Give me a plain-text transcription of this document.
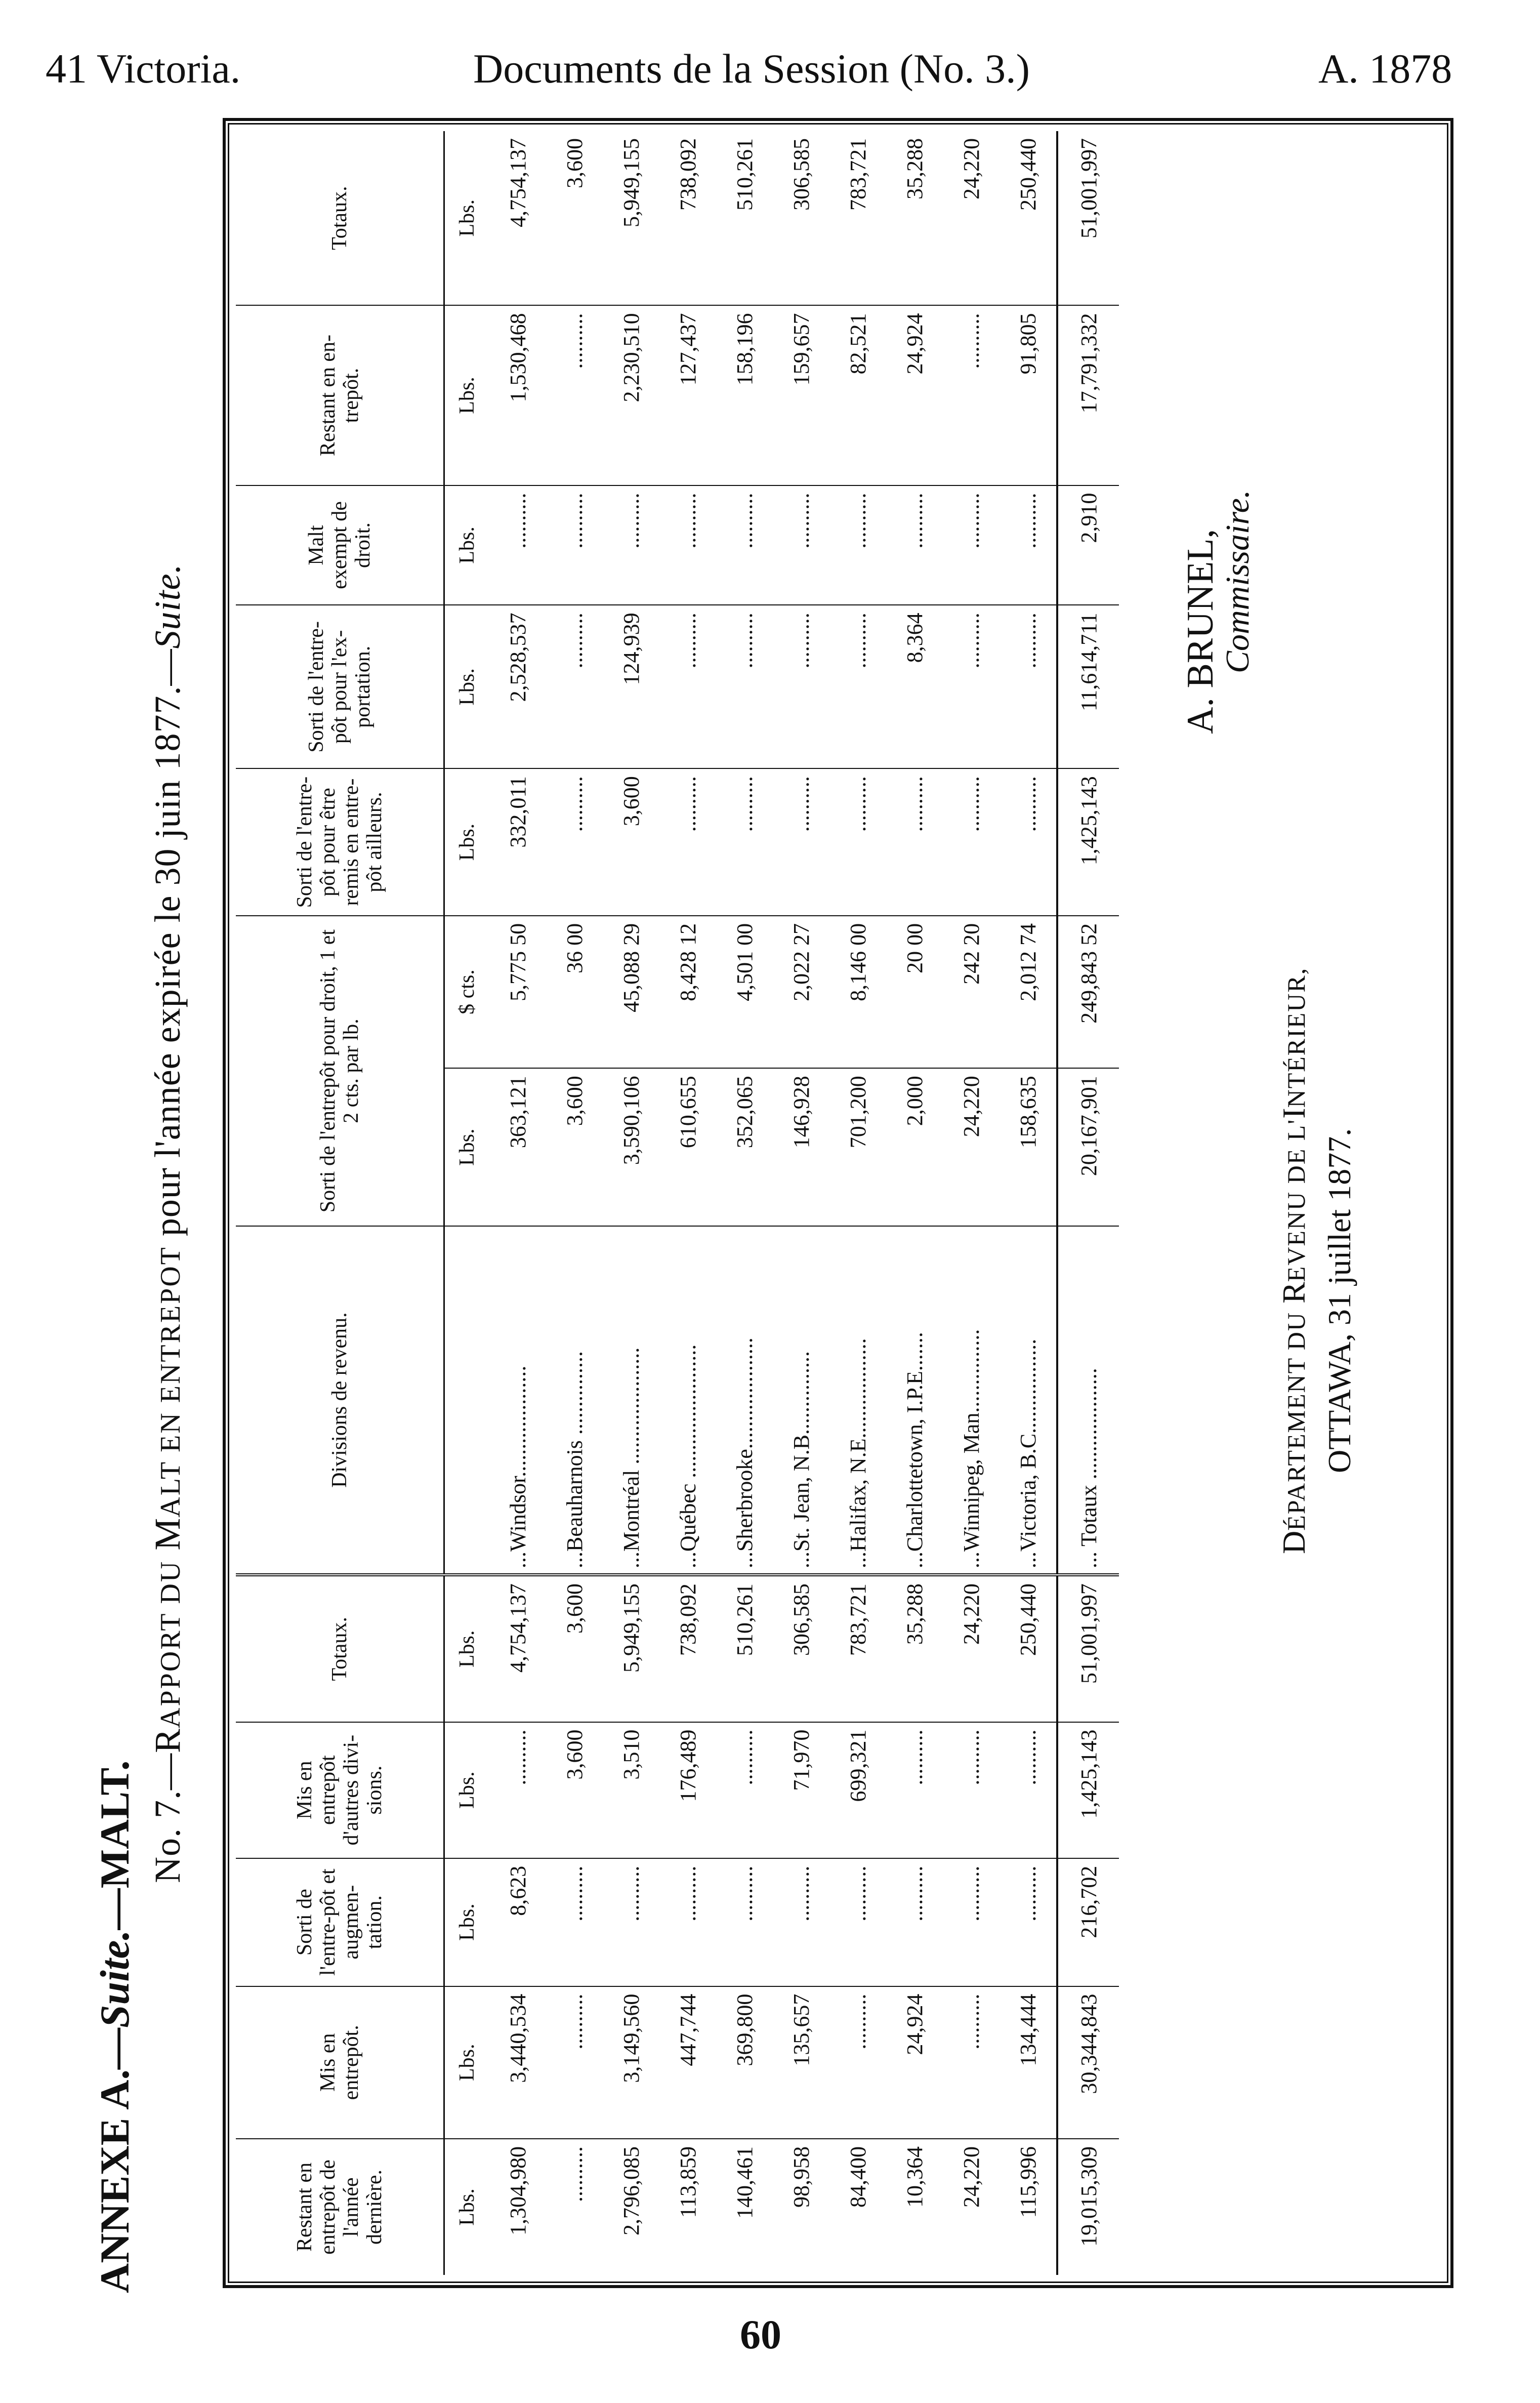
41 Victoria.	Documents de la Session (No. 3.)	A. 1878
ANNEXE A.—Suite.—MALT. No. 7.—RAPPORT DU MALT EN ENTREPOT pour l'année expirée le 30 juin 1877.—Suite.
Restant en entrepôt de l'année dernière.	Mis en entrepôt.	Sorti de l'entre-pôt et augmen-tation.	Mis en entrepôt d'autres divi-sions.	Totaux.	Divisions de revenu.	Sorti de l'entrepôt pour droit, 1 et 2 cts. par lb.		Sorti de l'entre-pôt pour être remis en entre-pôt ailleurs.	Sorti de l'entre-pôt pour l'ex-portation.	Malt exempt de droit.	Restant en en-trepôt.	Totaux.
Lbs.	Lbs.	Lbs.	Lbs.	Lbs.		Lbs.	$ cts.	Lbs.	Lbs.	Lbs.	Lbs.	Lbs.
1,304,980	3,440,534	8,623	..........	4,754,137	...Windsor....................	363,121	5,775 50	332,011	2,528,537	..........	1,530,468	4,754,137
..........	..........	..........	3,600	3,600	...Beauharnois ...............	3,600	36 00	..........	..........	..........	..........	3,600
2,796,085	3,149,560	..........	3,510	5,949,155	...Montréal .....................	3,590,106	45,088 29	3,600	124,939	..........	2,230,510	5,949,155
113,859	447,744	..........	176,489	738,092	...Québec ........................	610,655	8,428 12	..........	..........	..........	127,437	738,092
140,461	369,800	..........	..........	510,261	...Sherbrooke....................	352,065	4,501 00	..........	..........	..........	158,196	510,261
98,958	135,657	..........	71,970	306,585	...St. Jean, N.B...............	146,928	2,022 27	..........	..........	..........	159,657	306,585
84,400	..........	..........	699,321	783,721	...Halifax, N.E..................	701,200	8,146 00	..........	..........	..........	82,521	783,721
10,364	24,924	..........	..........	35,288	...Charlottetown, I.P.E.......	2,000	20 00	..........	8,364	..........	24,924	35,288
24,220	..........	..........	..........	24,220	...Winnipeg, Man...............	24,220	242 20	..........	..........	..........	..........	24,220
115,996	134,444	..........	..........	250,440	...Victoria, B.C.................	158,635	2,012 74	..........	..........	..........	91,805	250,440
19,015,309	30,344,843	216,702	1,425,143	51,001,997	... Totaux ....................	20,167,901	249,843 52	1,425,143	11,614,711	2,910	17,791,332	51,001,997
A. BRUNEL,
Commissaire.
DÉPARTEMENT DU REVENU DE L'INTÉRIEUR,
OTTAWA, 31 juillet 1877.
60
